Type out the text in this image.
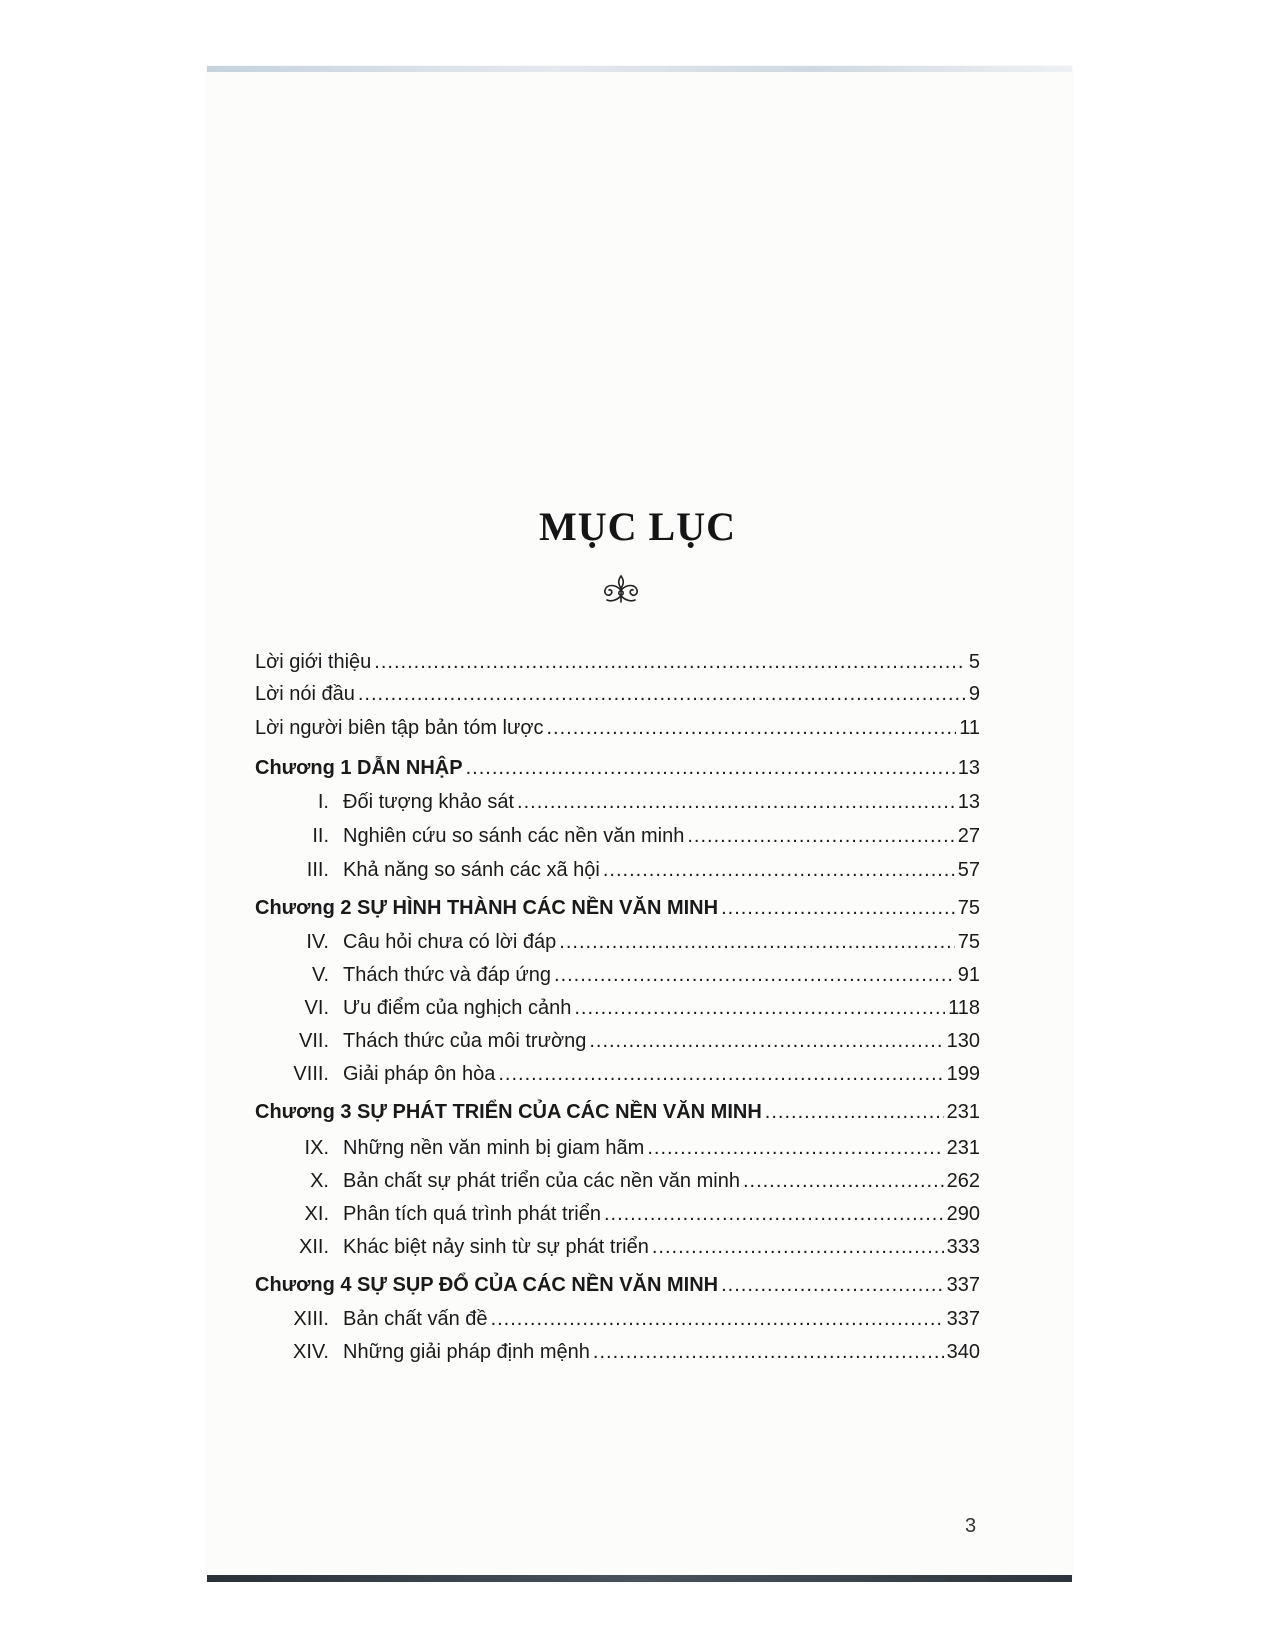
MỤC LỤC
Lời giới thiệu .....	5
Lời nói đầu .....	9
Lời người biên tập bản tóm lược .....	11
Chương 1 DẪN NHẬP .....	13
I. Đối tượng khảo sát .....	13
II. Nghiên cứu so sánh các nền văn minh .....	27
III. Khả năng so sánh các xã hội .....	57
Chương 2 SỰ HÌNH THÀNH CÁC NỀN VĂN MINH .....	75
IV. Câu hỏi chưa có lời đáp .....	75
V. Thách thức và đáp ứng .....	91
VI. Ưu điểm của nghịch cảnh .....	118
VII. Thách thức của môi trường .....	130
VIII. Giải pháp ôn hòa .....	199
Chương 3 SỰ PHÁT TRIỂN CỦA CÁC NỀN VĂN MINH .....	231
IX. Những nền văn minh bị giam hãm .....	231
X. Bản chất sự phát triển của các nền văn minh .....	262
XI. Phân tích quá trình phát triển .....	290
XII. Khác biệt nảy sinh từ sự phát triển .....	333
Chương 4 SỰ SỤP ĐỔ CỦA CÁC NỀN VĂN MINH .....	337
XIII. Bản chất vấn đề .....	337
XIV. Những giải pháp định mệnh .....	340
3
